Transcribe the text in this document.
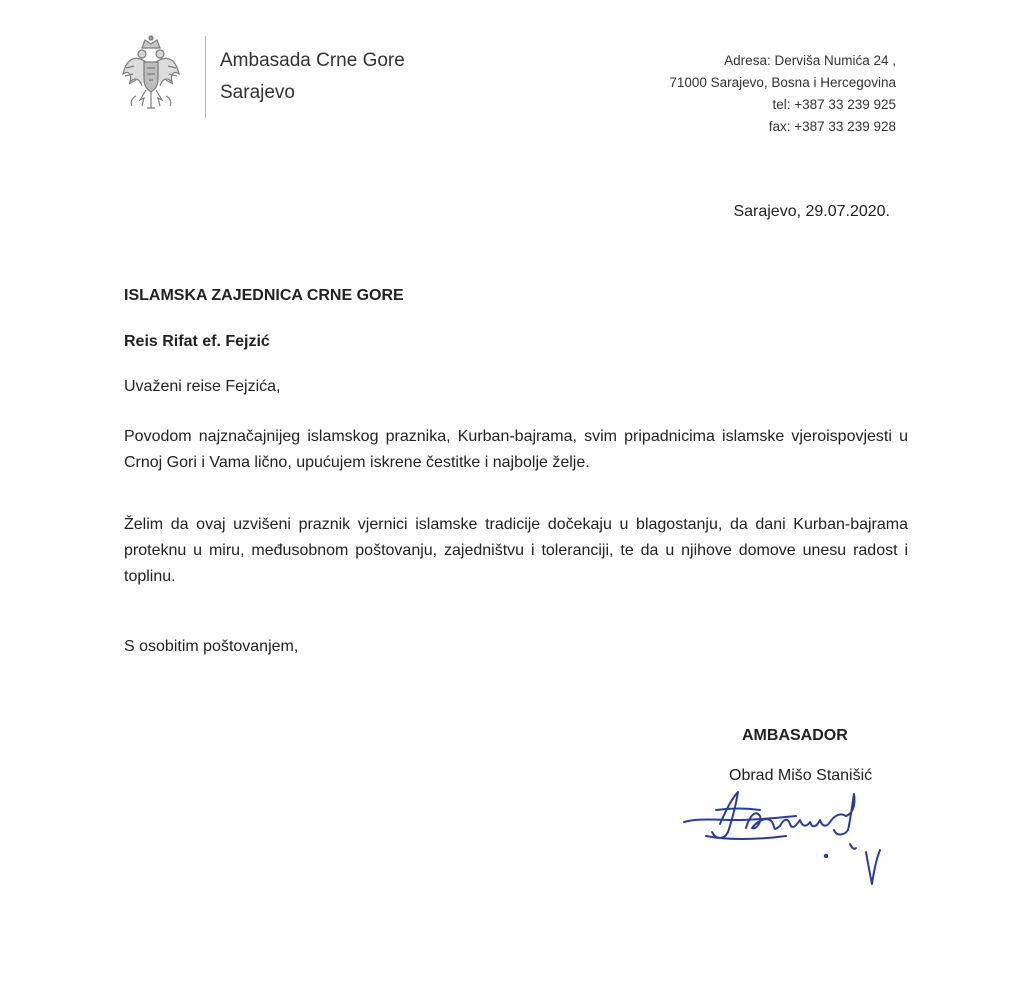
Ambasada Crne Gore
Sarajevo
Adresa: Derviša Numića 24 ,
71000 Sarajevo, Bosna i Hercegovina
tel: +387 33 239 925
fax: +387 33 239 928
Sarajevo, 29.07.2020.
ISLAMSKA ZAJEDNICA CRNE GORE
Reis Rifat ef. Fejzić
Uvaženi reise Fejzića,
Povodom najznačajnijeg islamskog praznika, Kurban-bajrama, svim pripadnicima islamske vjeroispovjesti u Crnoj Gori i Vama lično, upućujem iskrene čestitke i najbolje želje.
Želim da ovaj uzvišeni praznik vjernici islamske tradicije dočekaju u blagostanju, da dani Kurban-bajrama proteknu u miru, međusobnom poštovanju, zajedništvu i toleranciji, te da u njihove domove unesu radost i toplinu.
S osobitim poštovanjem,
AMBASADOR
Obrad Mišo Stanišić
